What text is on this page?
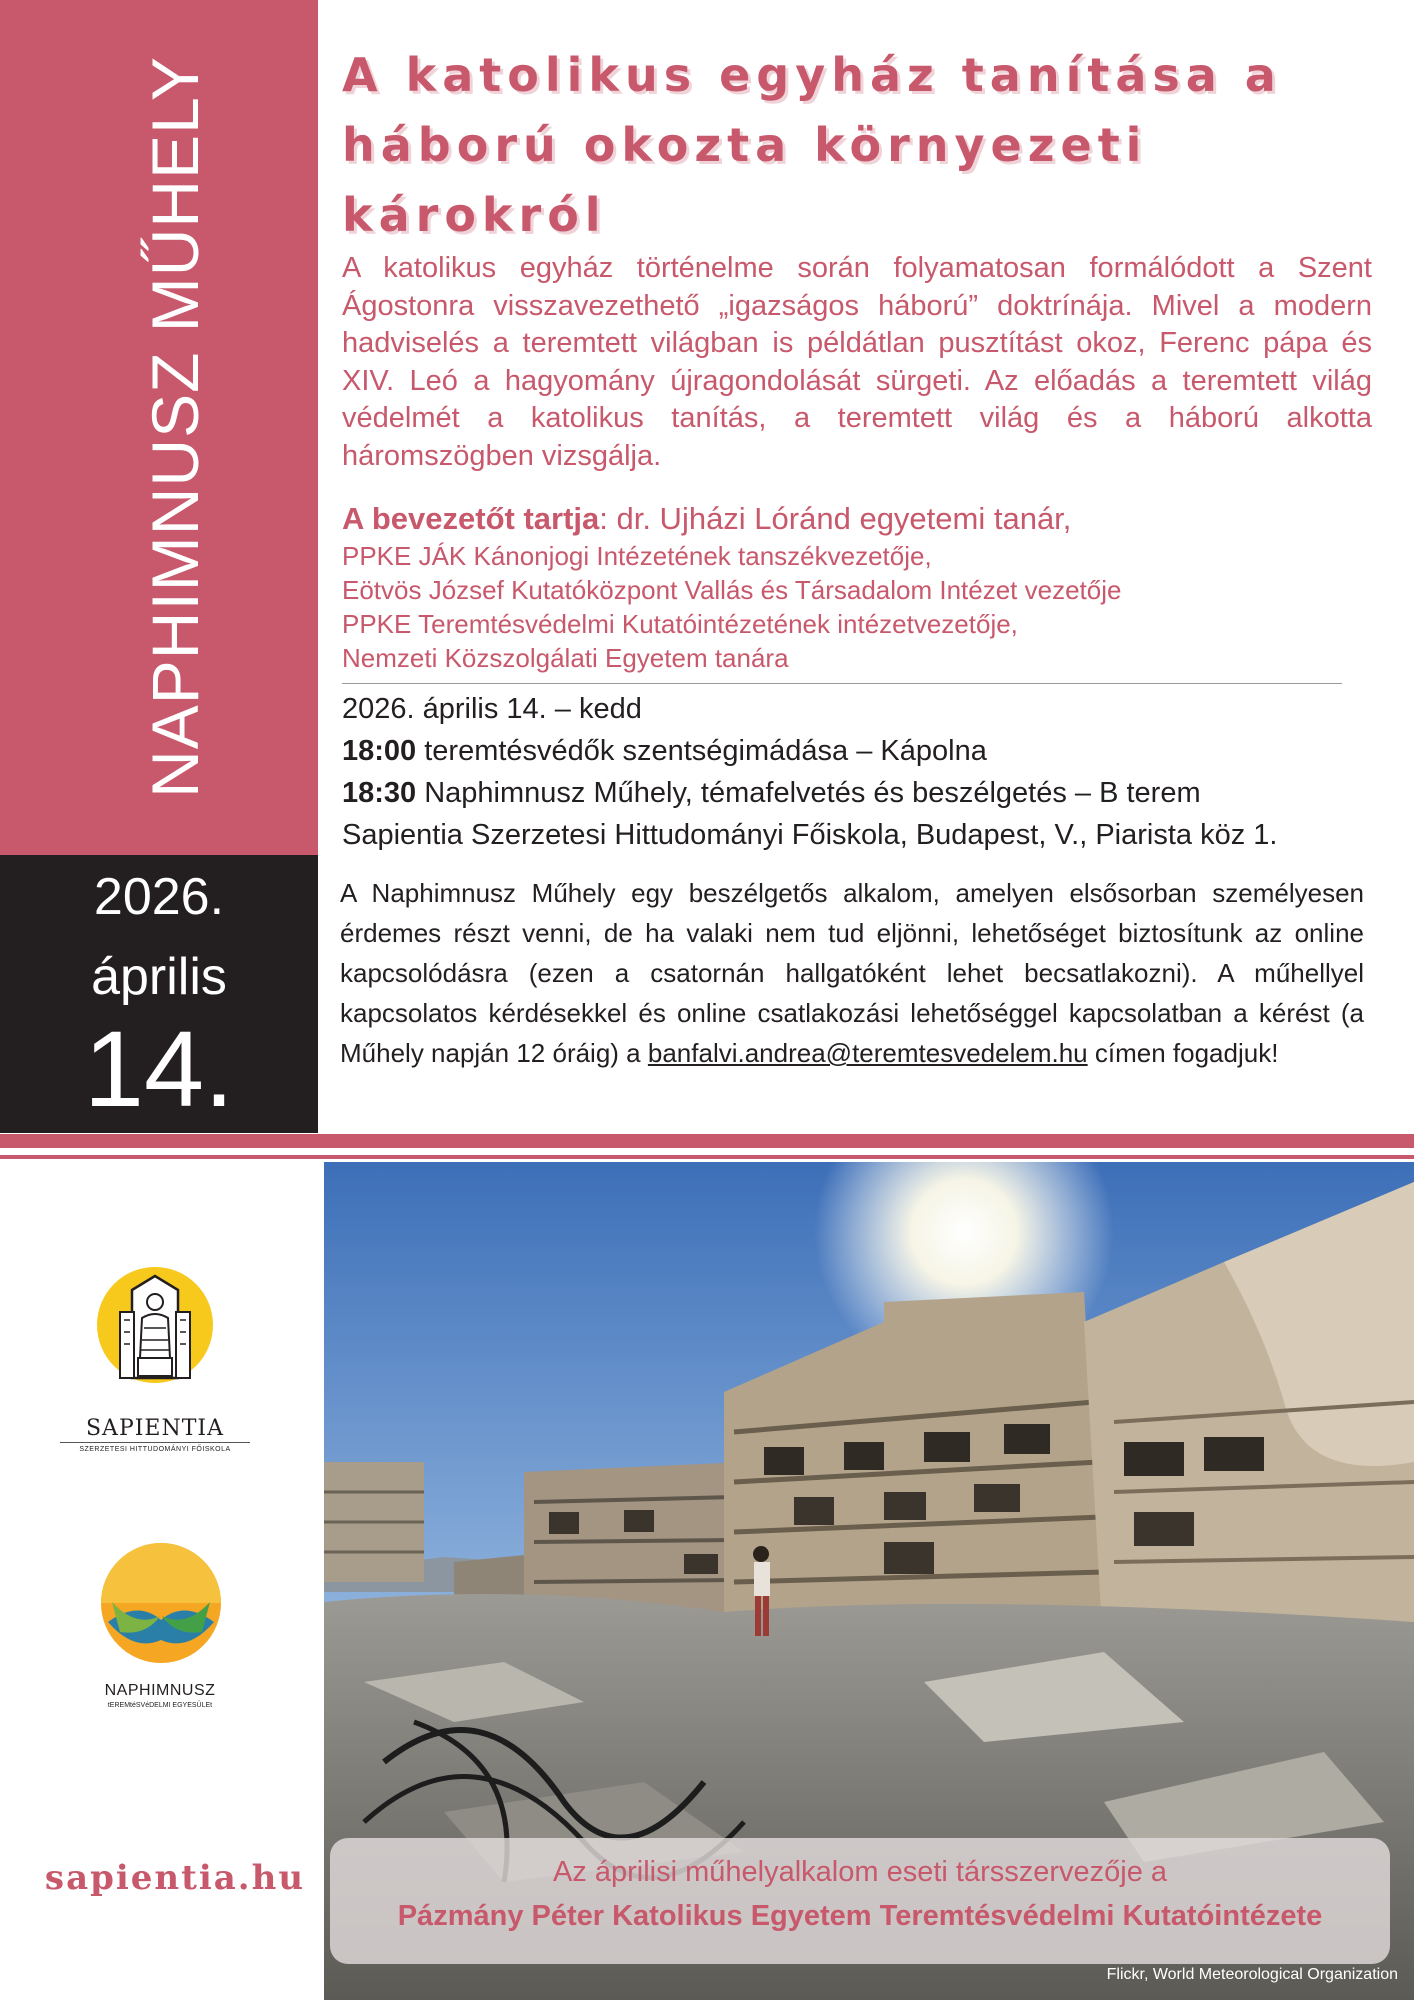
NAPHIMNUSZ MŰHELY
2026.
április
14.
A katolikus egyház tanítása a háború okozta környezeti károkról

A katolikus egyház történelme során folyamatosan formálódott a Szent Ágostonra visszavezethető „igazságos háború” doktrínája. Mivel a modern hadviselés a teremtett világban is példátlan pusztítást okoz, Ferenc pápa és XIV. Leó a hagyomány újragondolását sürgeti. Az előadás a teremtett világ védelmét a katolikus tanítás, a teremtett világ és a háború alkotta háromszögben vizsgálja.

A bevezetőt tartja: dr. Ujházi Lóránd egyetemi tanár,

PPKE JÁK Kánonjogi Intézetének tanszékvezetője,
Eötvös József Kutatóközpont Vallás és Társadalom Intézet vezetője
PPKE Teremtésvédelmi Kutatóintézetének intézetvezetője,
Nemzeti Közszolgálati Egyetem tanára
2026. április 14. – kedd
18:00 teremtésvédők szentségimádása – Kápolna
18:30 Naphimnusz Műhely, témafelvetés és beszélgetés – B terem
Sapientia Szerzetesi Hittudományi Főiskola, Budapest, V., Piarista köz 1.

A Naphimnusz Műhely egy beszélgetős alkalom, amelyen elsősorban személyesen érdemes részt venni, de ha valaki nem tud eljönni, lehetőséget biztosítunk az online kapcsolódásra (ezen a csatornán hallgatóként lehet becsatlakozni). A műhellyel kapcsolatos kérdésekkel és online csatlakozási lehetőséggel kapcsolatban a kérést (a Műhely napján 12 óráig) a banfalvi.andrea@teremtesvedelem.hu címen fogadjuk!

SAPIENTIA
SZERZETESI HITTUDOMÁNYI FŐISKOLA
NAPHIMNUSZ
tEREMtéSVéDELMI EGYESÜLEt
sapientia.hu	Az áprilisi műhelyalkalom eseti társszervezője a
Pázmány Péter Katolikus Egyetem Teremtésvédelmi Kutatóintézete
Flickr, World Meteorological Organization
